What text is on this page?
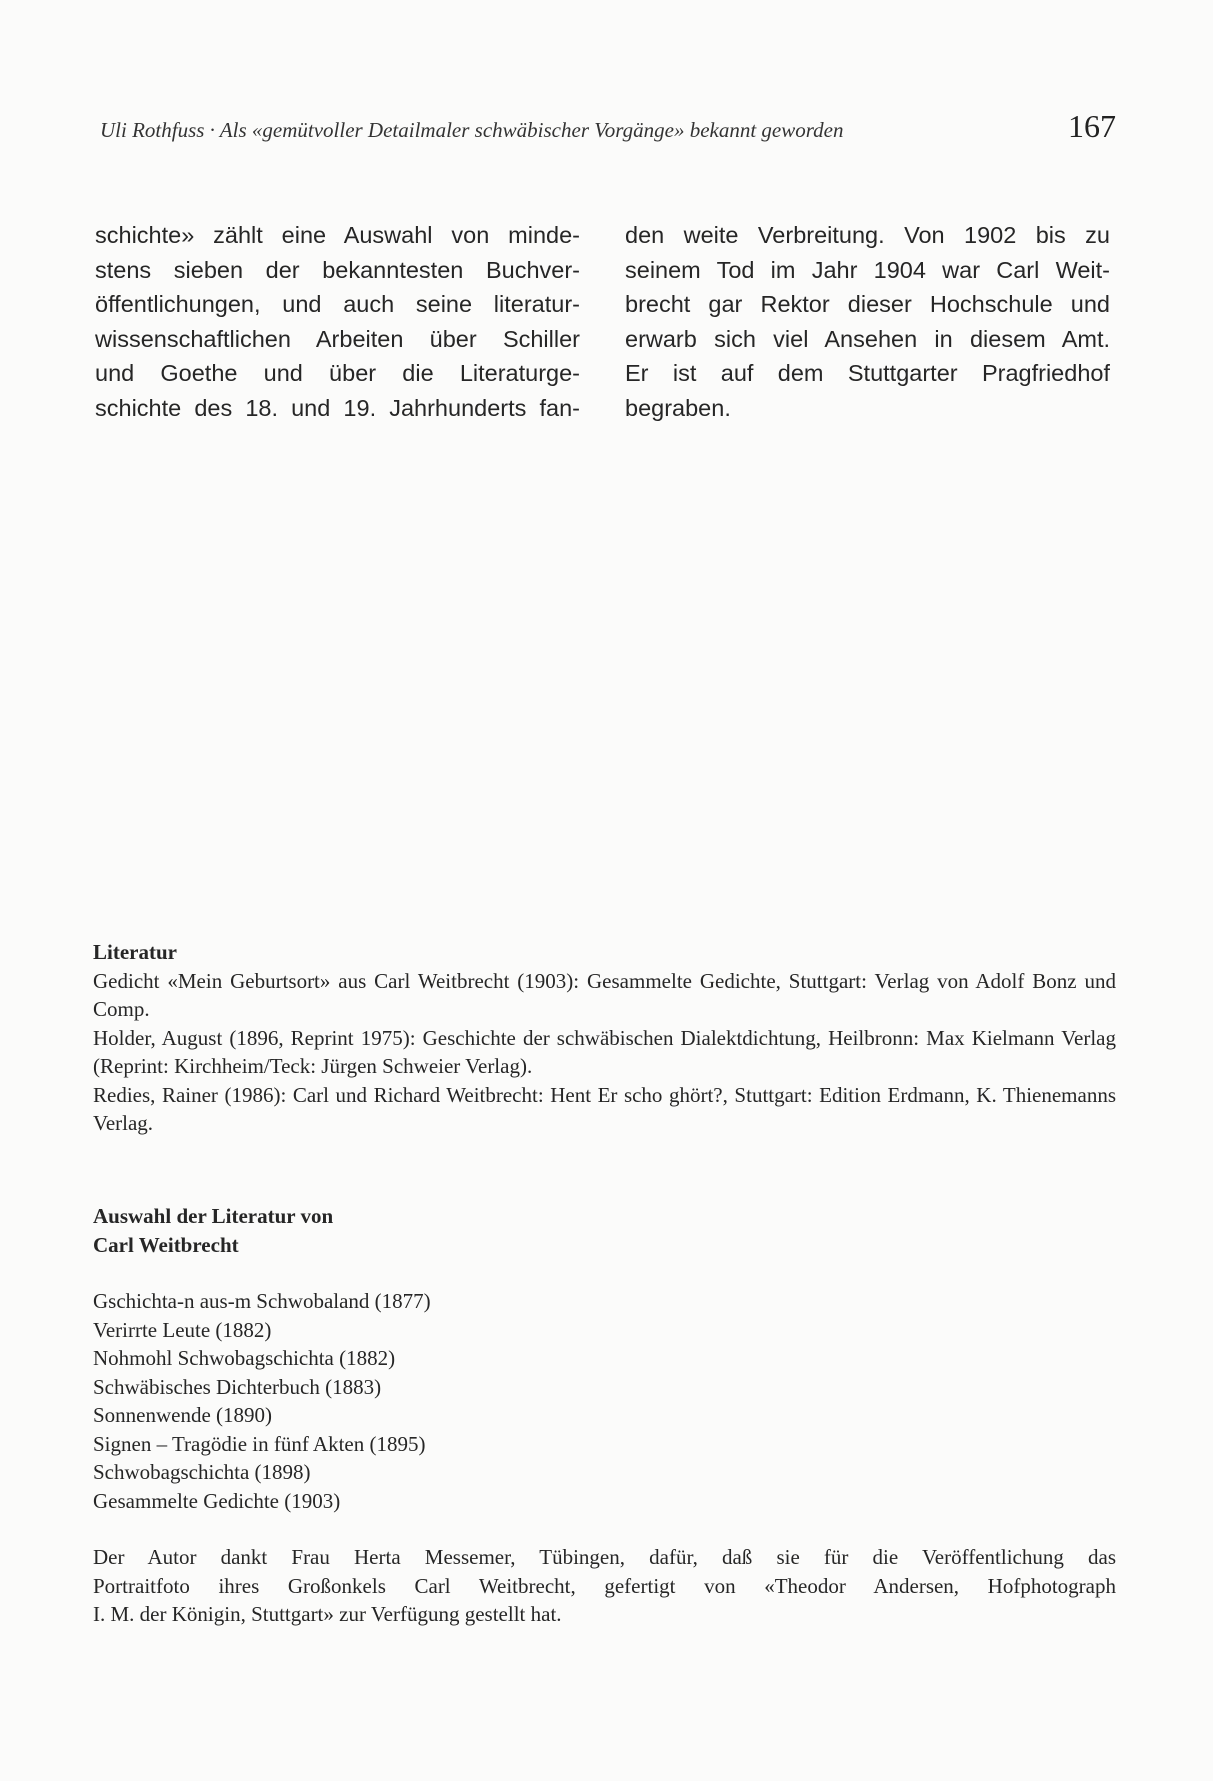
Uli Rothfuss · Als «gemütvoller Detailmaler schwäbischer Vorgänge» bekannt geworden	167
schichte» zählt eine Auswahl von minde-
stens sieben der bekanntesten Buchver-
öffentlichungen, und auch seine literatur-
wissenschaftlichen Arbeiten über Schiller
und Goethe und über die Literaturge-
schichte des 18. und 19. Jahrhunderts fan-
den weite Verbreitung. Von 1902 bis zu
seinem Tod im Jahr 1904 war Carl Weit-
brecht gar Rektor dieser Hochschule und
erwarb sich viel Ansehen in diesem Amt.
Er ist auf dem Stuttgarter Pragfriedhof
begraben.

Literatur

Gedicht «Mein Geburtsort» aus Carl Weitbrecht (1903): Gesammelte Gedichte, Stuttgart: Verlag von Adolf Bonz und Comp.

Holder, August (1896, Reprint 1975): Geschichte der schwäbischen Dialektdichtung, Heilbronn: Max Kielmann Verlag (Reprint: Kirchheim/Teck: Jürgen Schweier Verlag).

Redies, Rainer (1986): Carl und Richard Weitbrecht: Hent Er scho ghört?, Stuttgart: Edition Erdmann, K. Thienemanns Verlag.

Auswahl der Literatur von

Carl Weitbrecht

Gschichta-n aus-m Schwobaland (1877)
Verirrte Leute (1882)
Nohmohl Schwobagschichta (1882)
Schwäbisches Dichterbuch (1883)
Sonnenwende (1890)
Signen – Tragödie in fünf Akten (1895)
Schwobagschichta (1898)
Gesammelte Gedichte (1903)
Der Autor dankt Frau Herta Messemer, Tübingen, dafür, daß sie für die Veröffentlichung das
Portraitfoto ihres Großonkels Carl Weitbrecht, gefertigt von «Theodor Andersen, Hofphotograph
I. M. der Königin, Stuttgart» zur Verfügung gestellt hat.
